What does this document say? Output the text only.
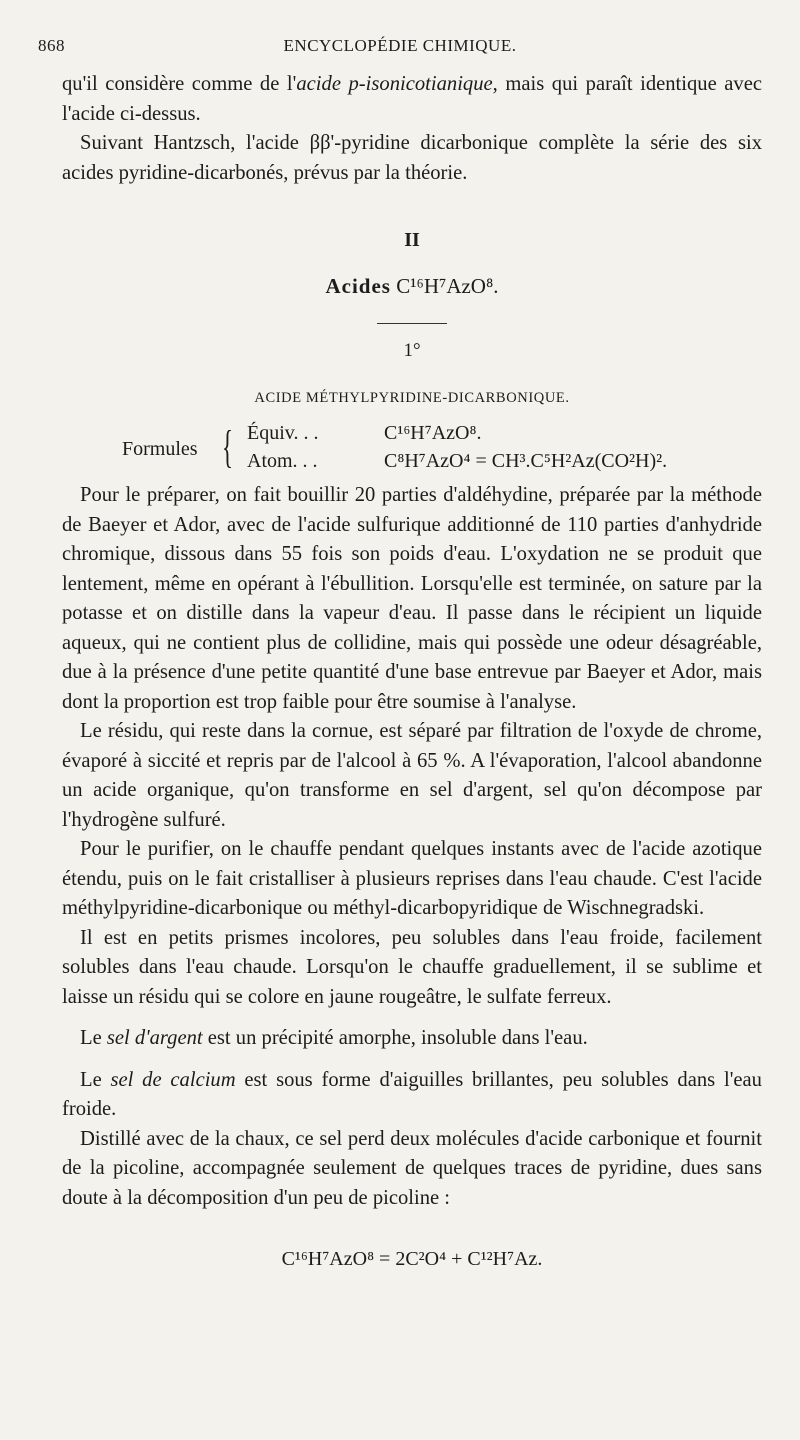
868	ENCYCLOPÉDIE CHIMIQUE.

qu'il considère comme de l'acide p-isonicotianique, mais qui paraît identique avec l'acide ci-dessus.

Suivant Hantzsch, l'acide ββ'-pyridine dicarbonique complète la série des six acides pyridine-dicarbonés, prévus par la théorie.

II
Acides C¹⁶H⁷AzO⁸.
1°
ACIDE MÉTHYLPYRIDINE-DICARBONIQUE.
Formules { Équiv. . .	C¹⁶H⁷AzO⁸.
Atom. . .	C⁸H⁷AzO⁴ = CH³.C⁵H²Az(CO²H)².

Pour le préparer, on fait bouillir 20 parties d'aldéhydine, préparée par la méthode de Baeyer et Ador, avec de l'acide sulfurique additionné de 110 parties d'anhydride chromique, dissous dans 55 fois son poids d'eau. L'oxydation ne se produit que lentement, même en opérant à l'ébullition. Lorsqu'elle est terminée, on sature par la potasse et on distille dans la vapeur d'eau. Il passe dans le récipient un liquide aqueux, qui ne contient plus de collidine, mais qui possède une odeur désagréable, due à la présence d'une petite quantité d'une base entrevue par Baeyer et Ador, mais dont la proportion est trop faible pour être soumise à l'analyse.

Le résidu, qui reste dans la cornue, est séparé par filtration de l'oxyde de chrome, évaporé à siccité et repris par de l'alcool à 65 %. A l'évaporation, l'alcool abandonne un acide organique, qu'on transforme en sel d'argent, sel qu'on décompose par l'hydrogène sulfuré.

Pour le purifier, on le chauffe pendant quelques instants avec de l'acide azotique étendu, puis on le fait cristalliser à plusieurs reprises dans l'eau chaude. C'est l'acide méthylpyridine-dicarbonique ou méthyl-dicarbopyridique de Wischnegradski.

Il est en petits prismes incolores, peu solubles dans l'eau froide, facilement solubles dans l'eau chaude. Lorsqu'on le chauffe graduellement, il se sublime et laisse un résidu qui se colore en jaune rougeâtre, le sulfate ferreux.

Le sel d'argent est un précipité amorphe, insoluble dans l'eau.

Le sel de calcium est sous forme d'aiguilles brillantes, peu solubles dans l'eau froide.

Distillé avec de la chaux, ce sel perd deux molécules d'acide carbonique et fournit de la picoline, accompagnée seulement de quelques traces de pyridine, dues sans doute à la décomposition d'un peu de picoline :

C¹⁶H⁷AzO⁸ = 2C²O⁴ + C¹²H⁷Az.
